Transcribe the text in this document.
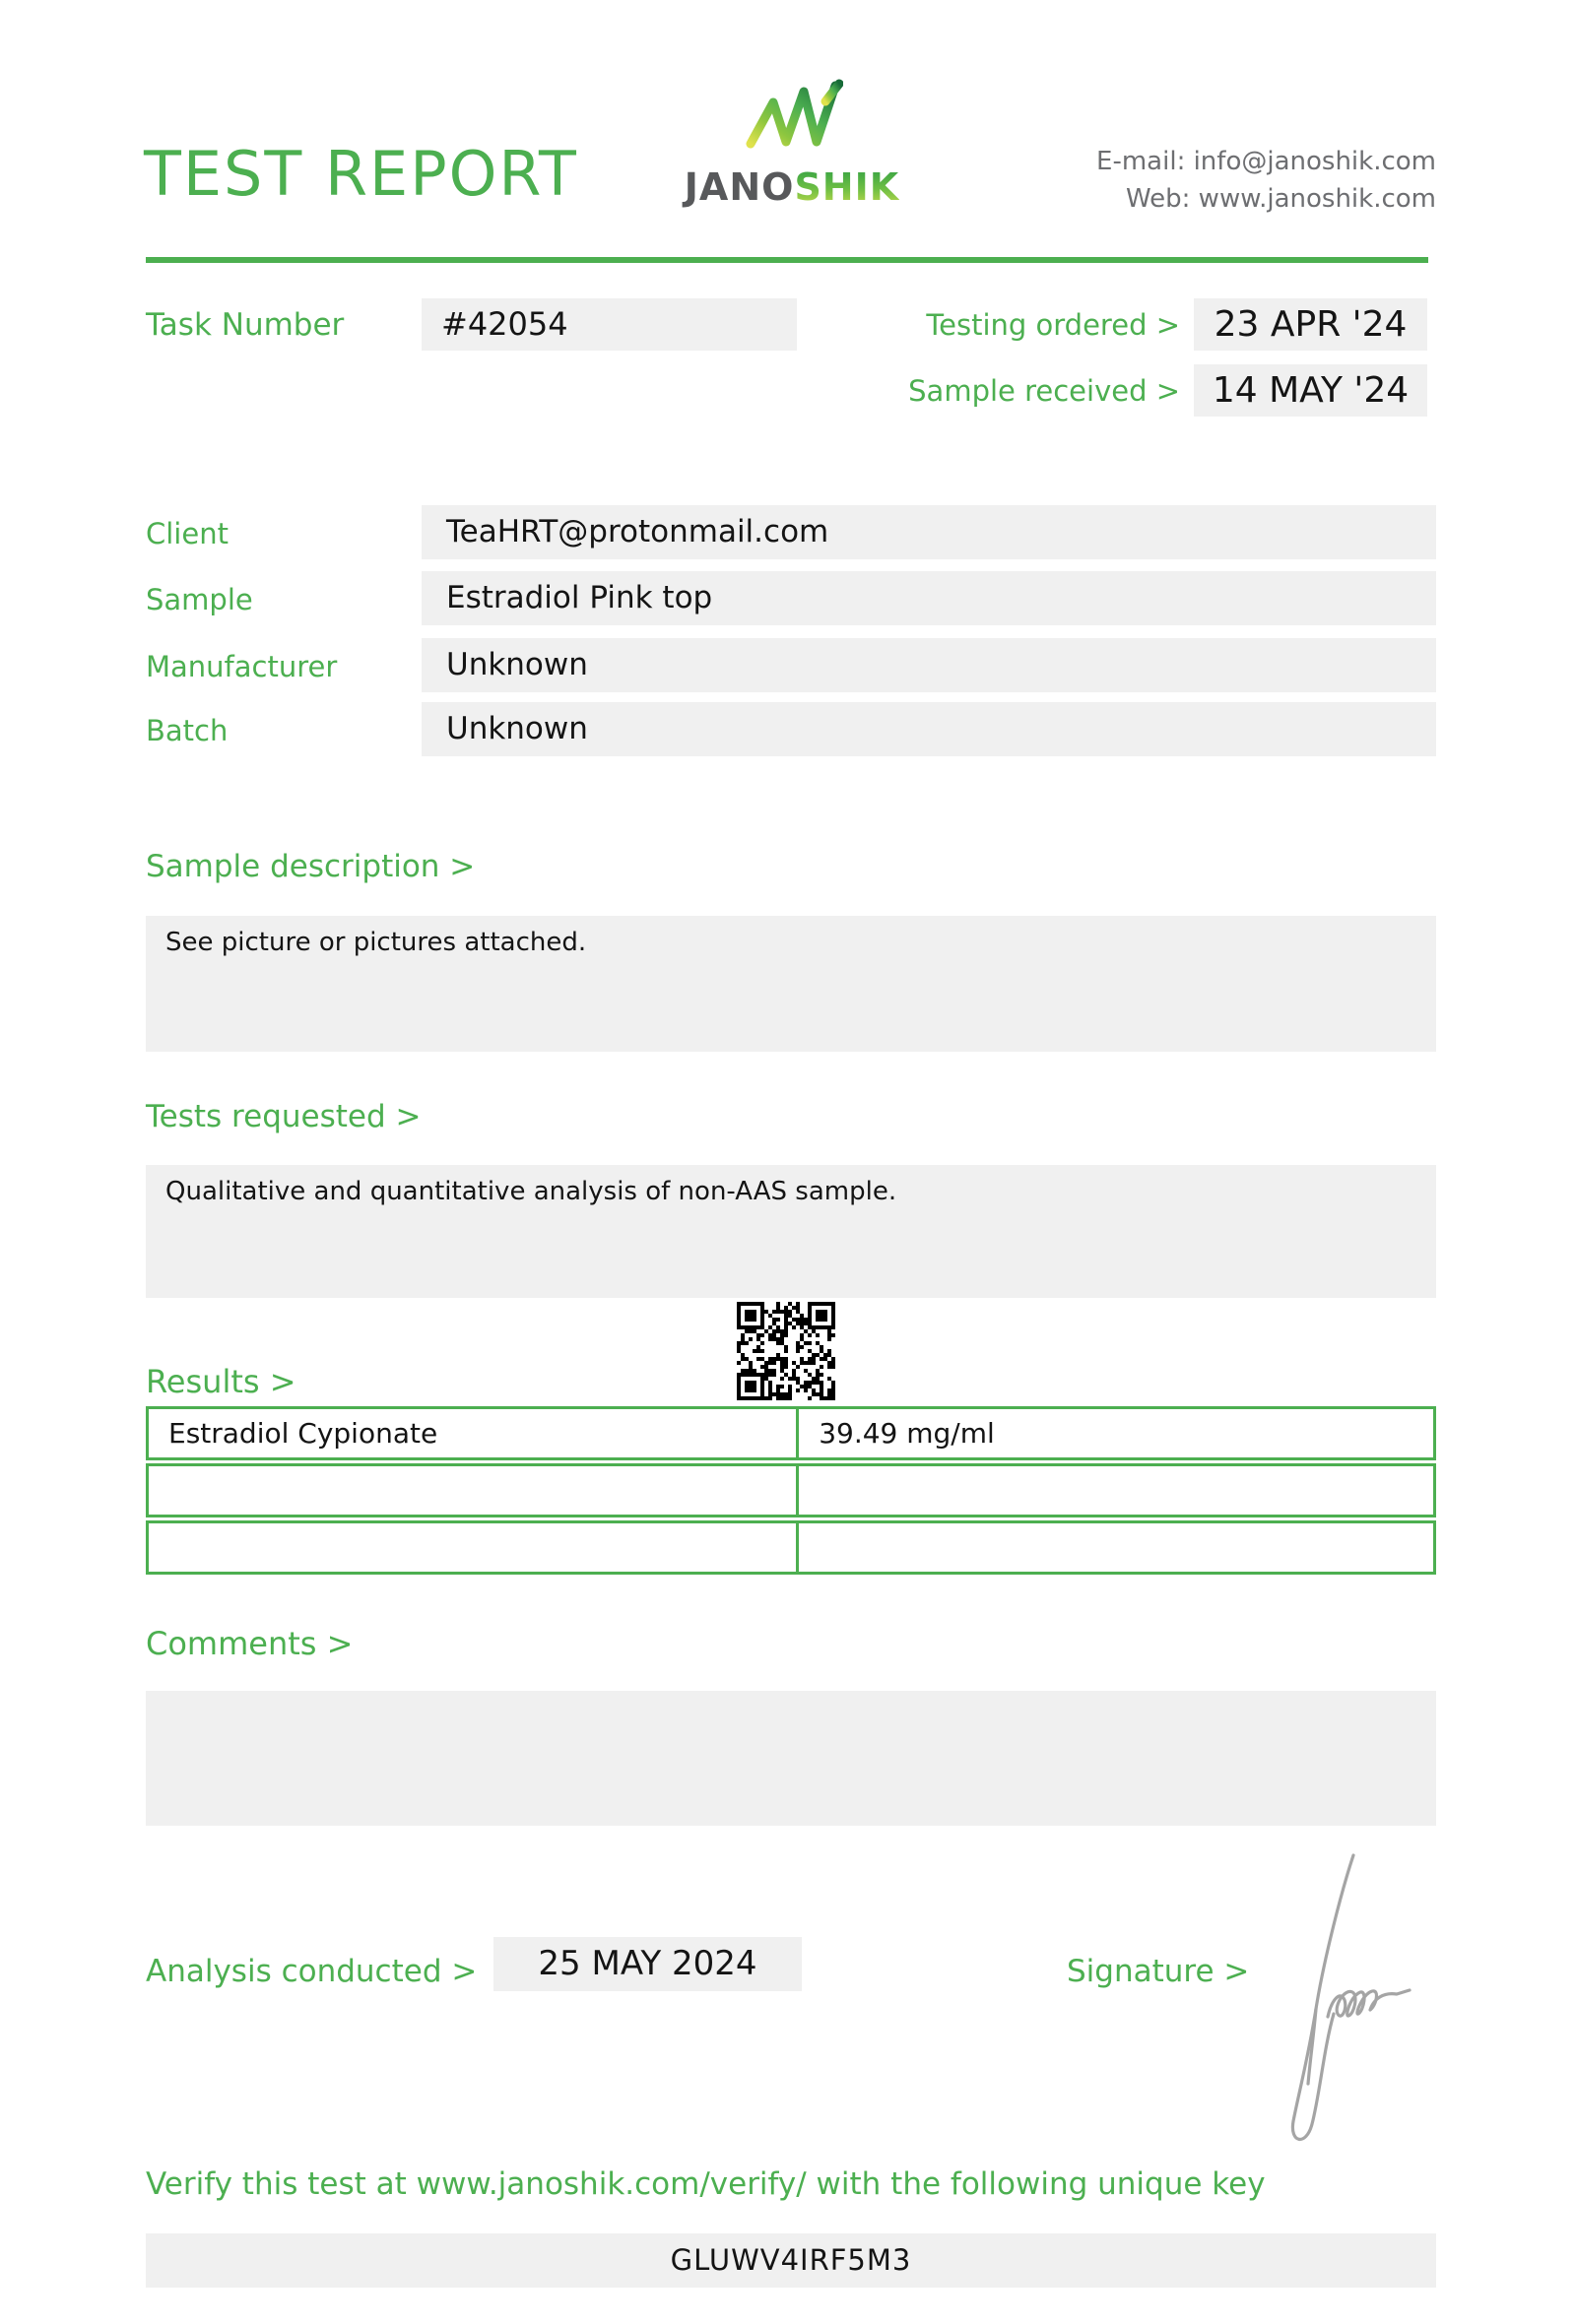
TEST REPORT	JANOSHIK
E-mail: info@janoshik.com
Web: www.janoshik.com
Task Number	#42054	Testing ordered > 23 APR '24
Sample received > 14 MAY '24
Client	TeaHRT@protonmail.com
Sample	Estradiol Pink top
Manufacturer	Unknown
Batch	Unknown
Sample description >
See picture or pictures attached.
Tests requested >
Qualitative and quantitative analysis of non-AAS sample.
Results >
Estradiol Cypionate	39.49 mg/ml
Comments >
Analysis conducted >	25 MAY 2024	Signature >
Verify this test at www.janoshik.com/verify/ with the following unique key
GLUWV4IRF5M3
